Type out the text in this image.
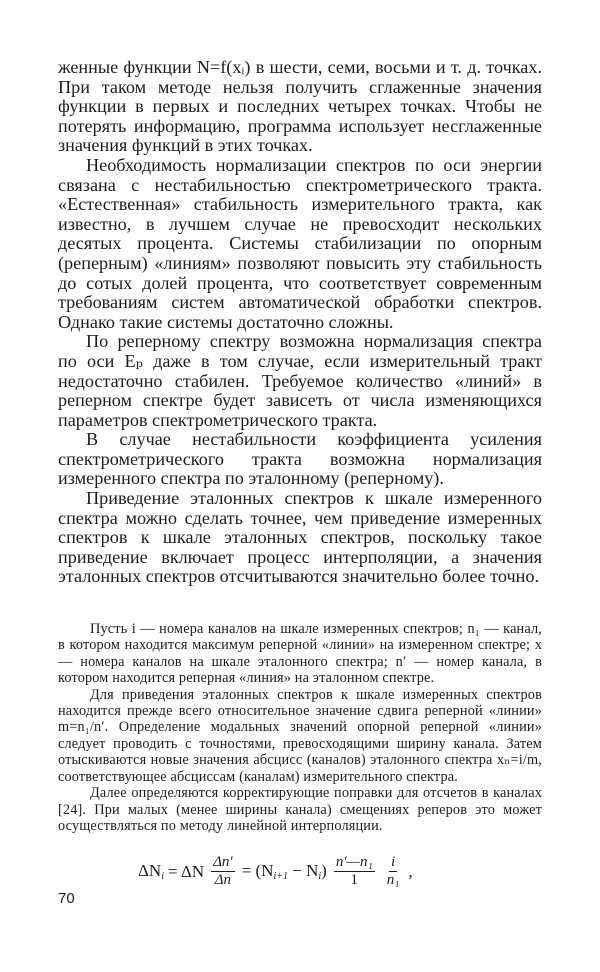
женные функции N=f(xᵢ) в шести, семи, восьми и т. д. точках. При таком методе нельзя получить сглаженные значения функции в первых и последних четырех точках. Чтобы не потерять информацию, программа использует несглаженные значения функций в этих точках.

Необходимость нормализации спектров по оси энергии связана с нестабильностью спектрометрического тракта. «Естественная» стабильность измерительного тракта, как известно, в лучшем случае не превосходит нескольких десятых процента. Системы стабилизации по опорным (реперным) «линиям» позволяют повысить эту стабильность до сотых долей процента, что соответствует современным требованиям систем автоматической обработки спектров. Однако такие системы достаточно сложны.

По реперному спектру возможна нормализация спектра по оси Eₚ даже в том случае, если измерительный тракт недостаточно стабилен. Требуемое количество «линий» в реперном спектре будет зависеть от числа изменяющихся параметров спектрометрического тракта.

В случае нестабильности коэффициента усиления спектрометрического тракта возможна нормализация измеренного спектра по эталонному (реперному).

Приведение эталонных спектров к шкале измеренного спектра можно сделать точнее, чем приведение измеренных спектров к шкале эталонных спектров, поскольку такое приведение включает процесс интерполяции, а значения эталонных спектров отсчитываются значительно более точно.

Пусть i — номера каналов на шкале измеренных спектров; n₁ — канал, в котором находится максимум реперной «линии» на измеренном спектре; x — номера каналов на шкале эталонного спектра; n′ — номер канала, в котором находится реперная «линия» на эталонном спектре.

Для приведения эталонных спектров к шкале измеренных спектров находится прежде всего относительное значение сдвига реперной «линии» m=n₁/n′. Определение модальных значений опорной реперной «линии» следует проводить с точностями, превосходящими ширину канала. Затем отыскиваются новые значения абсцисс (каналов) эталонного спектра xₙ=i/m, соответствующее абсциссам (каналам) измерительного спектра.

Далее определяются корректирующие поправки для отсчетов в каналах [24]. При малых (менее ширины канала) смещениях реперов это может осуществляться по методу линейной интерполяции.

$\Delta N_i = \Delta N \frac{\Delta n'}{\Delta n} = (N_{i+1} - N_i) \frac{\text{n′—n₁}}{1} \frac{i}{\text{n₁}}$ ,
70
